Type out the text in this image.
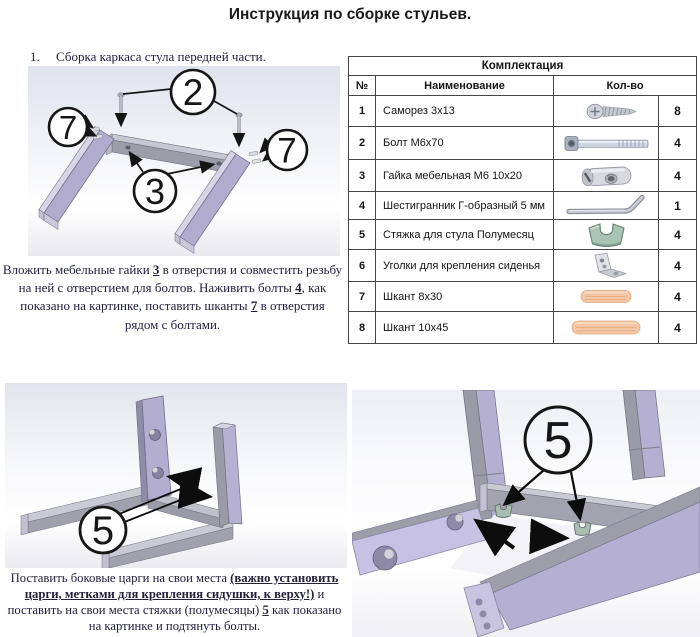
Инструкция по сборке стульев.
1. Сборка каркаса стула передней части.
2
7
7
3

Вложить мебельные гайки 3 в отверстия и совместить резьбу на ней с отверстием для болтов. Наживить болты 4, как показано на картинке, поставить шканты 7 в отверстия рядом с болтами.

Комплектация			
№	Наименование	Кол-во	
1	Саморез 3х13		8
2	Болт М6х70		4
3	Гайка мебельная М6 10х20		4
4	Шестигранник Г-образный 5 мм		1
5	Стяжка для стула Полумесяц		4
6	Уголки для крепления сиденья		4
7	Шкант 8х30		4
8	Шкант 10х45		4
5

Поставить боковые царги на свои места (важно установить царги, метками для крепления сидушки, к верху!) и поставить на свои места стяжки (полумесяцы) 5 как показано на картинке и подтянуть болты.

5
